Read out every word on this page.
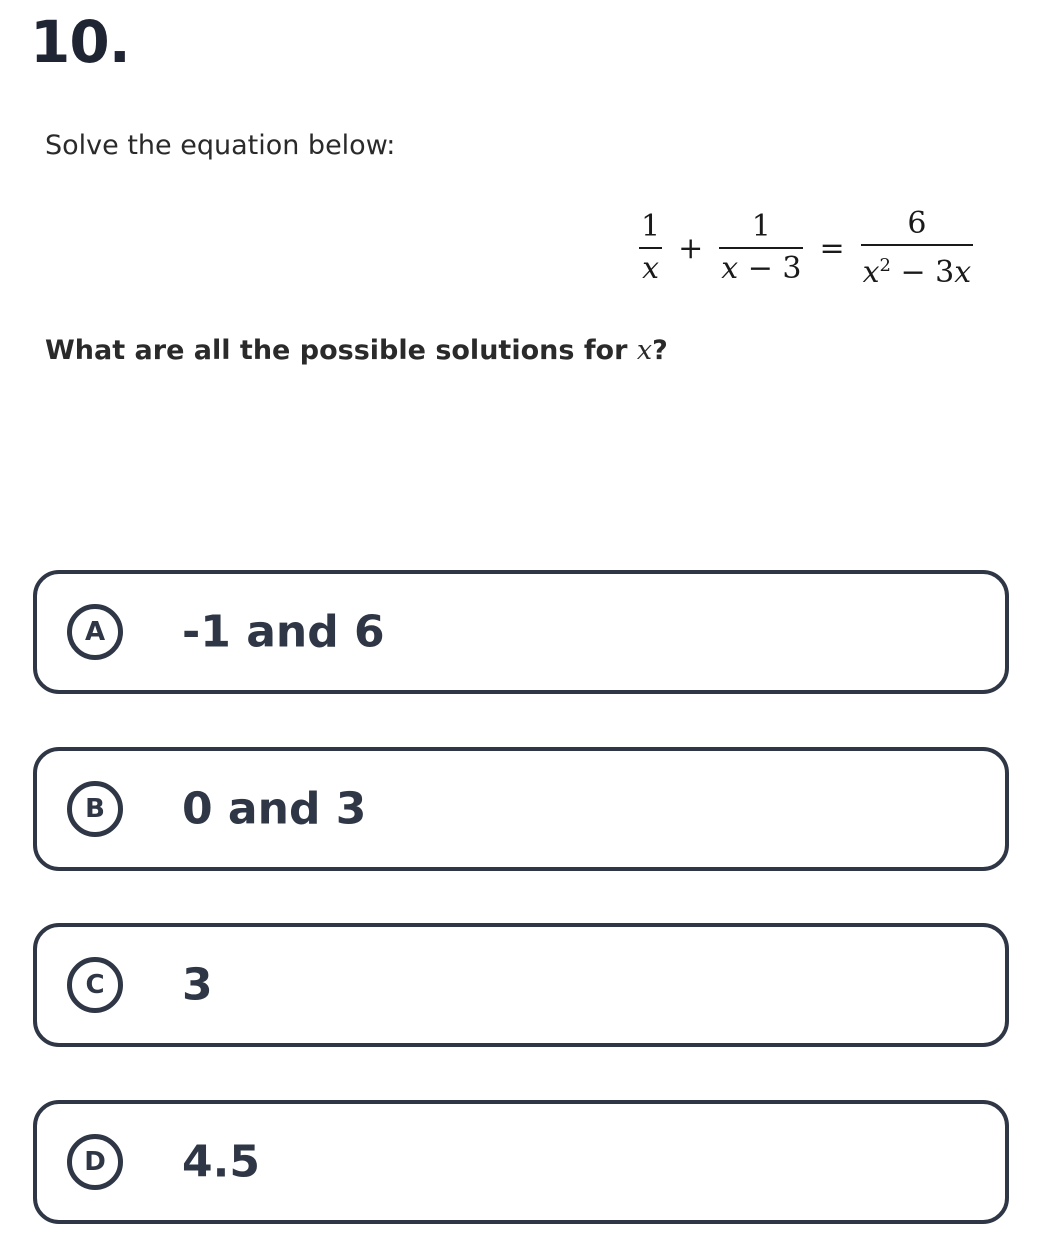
10.

Solve the equation below:

$\frac{1}{x} + \frac{1}{x - 3} = \frac{6}{x^2 - 3x}$

What are all the possible solutions for x?

A	-1 and 6
B	0 and 3
C	3
D	4.5
